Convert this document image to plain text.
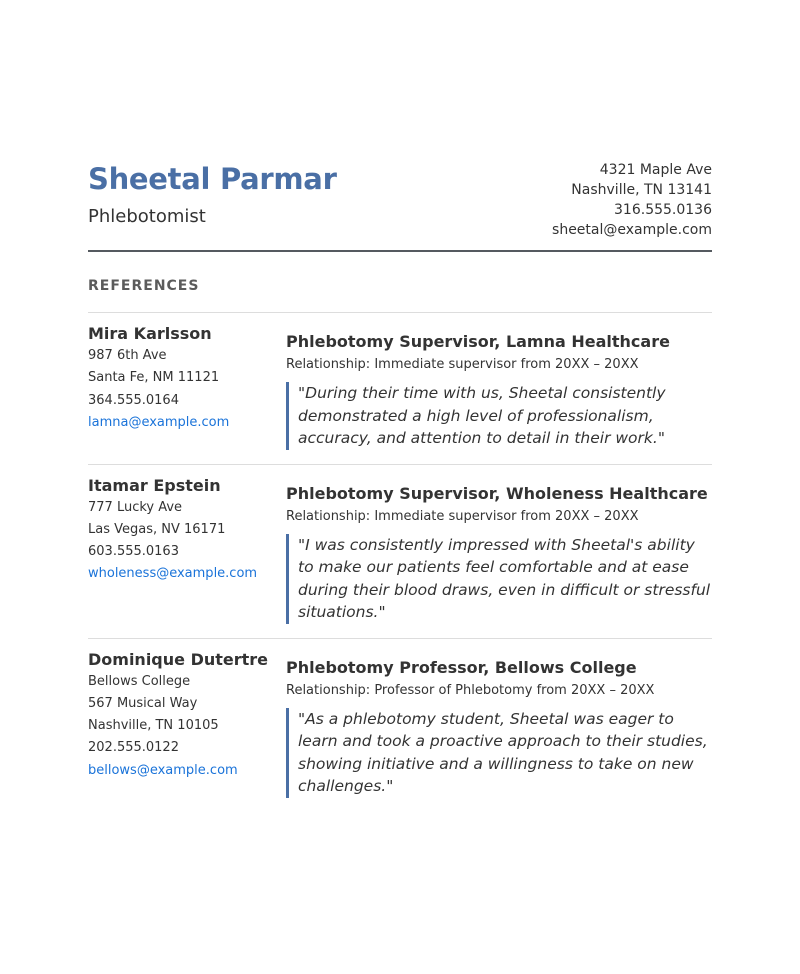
Sheetal Parmar
Phlebotomist
4321 Maple Ave
Nashville, TN 13141
316.555.0136
sheetal@example.com
REFERENCES
Mira Karlsson
987 6th Ave
Santa Fe, NM 11121
364.555.0164
lamna@example.com
Phlebotomy Supervisor, Lamna Healthcare
Relationship: Immediate supervisor from 20XX – 20XX
"During their time with us, Sheetal consistently demonstrated a high level of professionalism, accuracy, and attention to detail in their work."
Itamar Epstein
777 Lucky Ave
Las Vegas, NV 16171
603.555.0163
wholeness@example.com
Phlebotomy Supervisor, Wholeness Healthcare
Relationship: Immediate supervisor from 20XX – 20XX
"I was consistently impressed with Sheetal's ability to make our patients feel comfortable and at ease during their blood draws, even in difficult or stressful situations."
Dominique Dutertre
Bellows College
567 Musical Way
Nashville, TN 10105
202.555.0122
bellows@example.com
Phlebotomy Professor, Bellows College
Relationship: Professor of Phlebotomy from 20XX – 20XX
"As a phlebotomy student, Sheetal was eager to learn and took a proactive approach to their studies, showing initiative and a willingness to take on new challenges."
